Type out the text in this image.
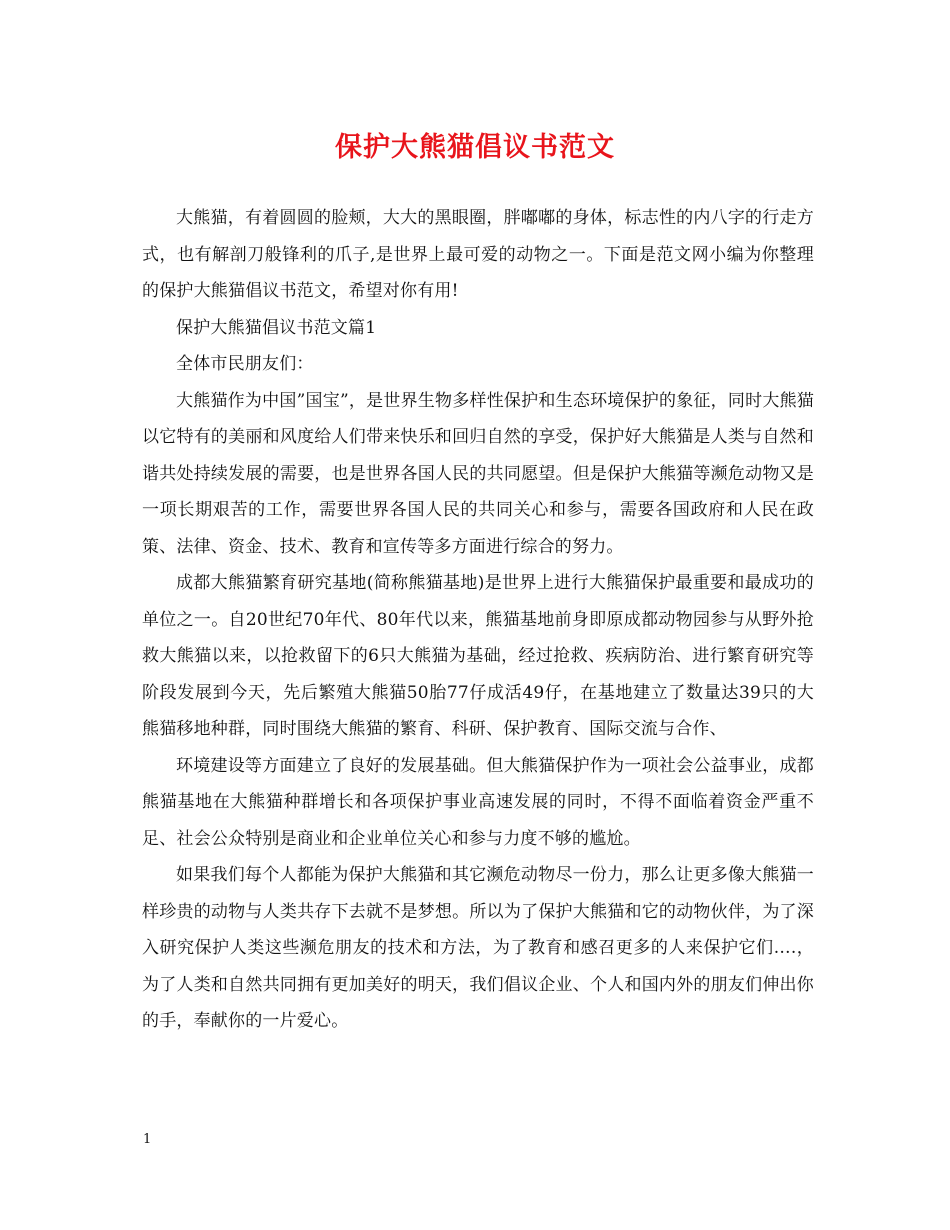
保护大熊猫倡议书范文

大熊猫，有着圆圆的脸颊，大大的黑眼圈，胖嘟嘟的身体，标志性的内八字的行走方式，也有解剖刀般锋利的爪子,是世界上最可爱的动物之一。下面是范文网小编为你整理的保护大熊猫倡议书范文，希望对你有用!

保护大熊猫倡议书范文篇1

全体市民朋友们：

大熊猫作为中国”国宝”，是世界生物多样性保护和生态环境保护的象征，同时大熊猫以它特有的美丽和风度给人们带来快乐和回归自然的享受，保护好大熊猫是人类与自然和谐共处持续发展的需要，也是世界各国人民的共同愿望。但是保护大熊猫等濒危动物又是一项长期艰苦的工作，需要世界各国人民的共同关心和参与，需要各国政府和人民在政策、法律、资金、技术、教育和宣传等多方面进行综合的努力。

成都大熊猫繁育研究基地(简称熊猫基地)是世界上进行大熊猫保护最重要和最成功的单位之一。自20世纪70年代、80年代以来，熊猫基地前身即原成都动物园参与从野外抢救大熊猫以来，以抢救留下的6只大熊猫为基础，经过抢救、疾病防治、进行繁育研究等阶段发展到今天，先后繁殖大熊猫50胎77仔成活49仔，在基地建立了数量达39只的大熊猫移地种群，同时围绕大熊猫的繁育、科研、保护教育、国际交流与合作、

环境建设等方面建立了良好的发展基础。但大熊猫保护作为一项社会公益事业，成都熊猫基地在大熊猫种群增长和各项保护事业高速发展的同时，不得不面临着资金严重不足、社会公众特别是商业和企业单位关心和参与力度不够的尴尬。

如果我们每个人都能为保护大熊猫和其它濒危动物尽一份力，那么让更多像大熊猫一样珍贵的动物与人类共存下去就不是梦想。所以为了保护大熊猫和它的动物伙伴，为了深入研究保护人类这些濒危朋友的技术和方法，为了教育和感召更多的人来保护它们….，为了人类和自然共同拥有更加美好的明天，我们倡议企业、个人和国内外的朋友们伸出你的手，奉献你的一片爱心。

1
